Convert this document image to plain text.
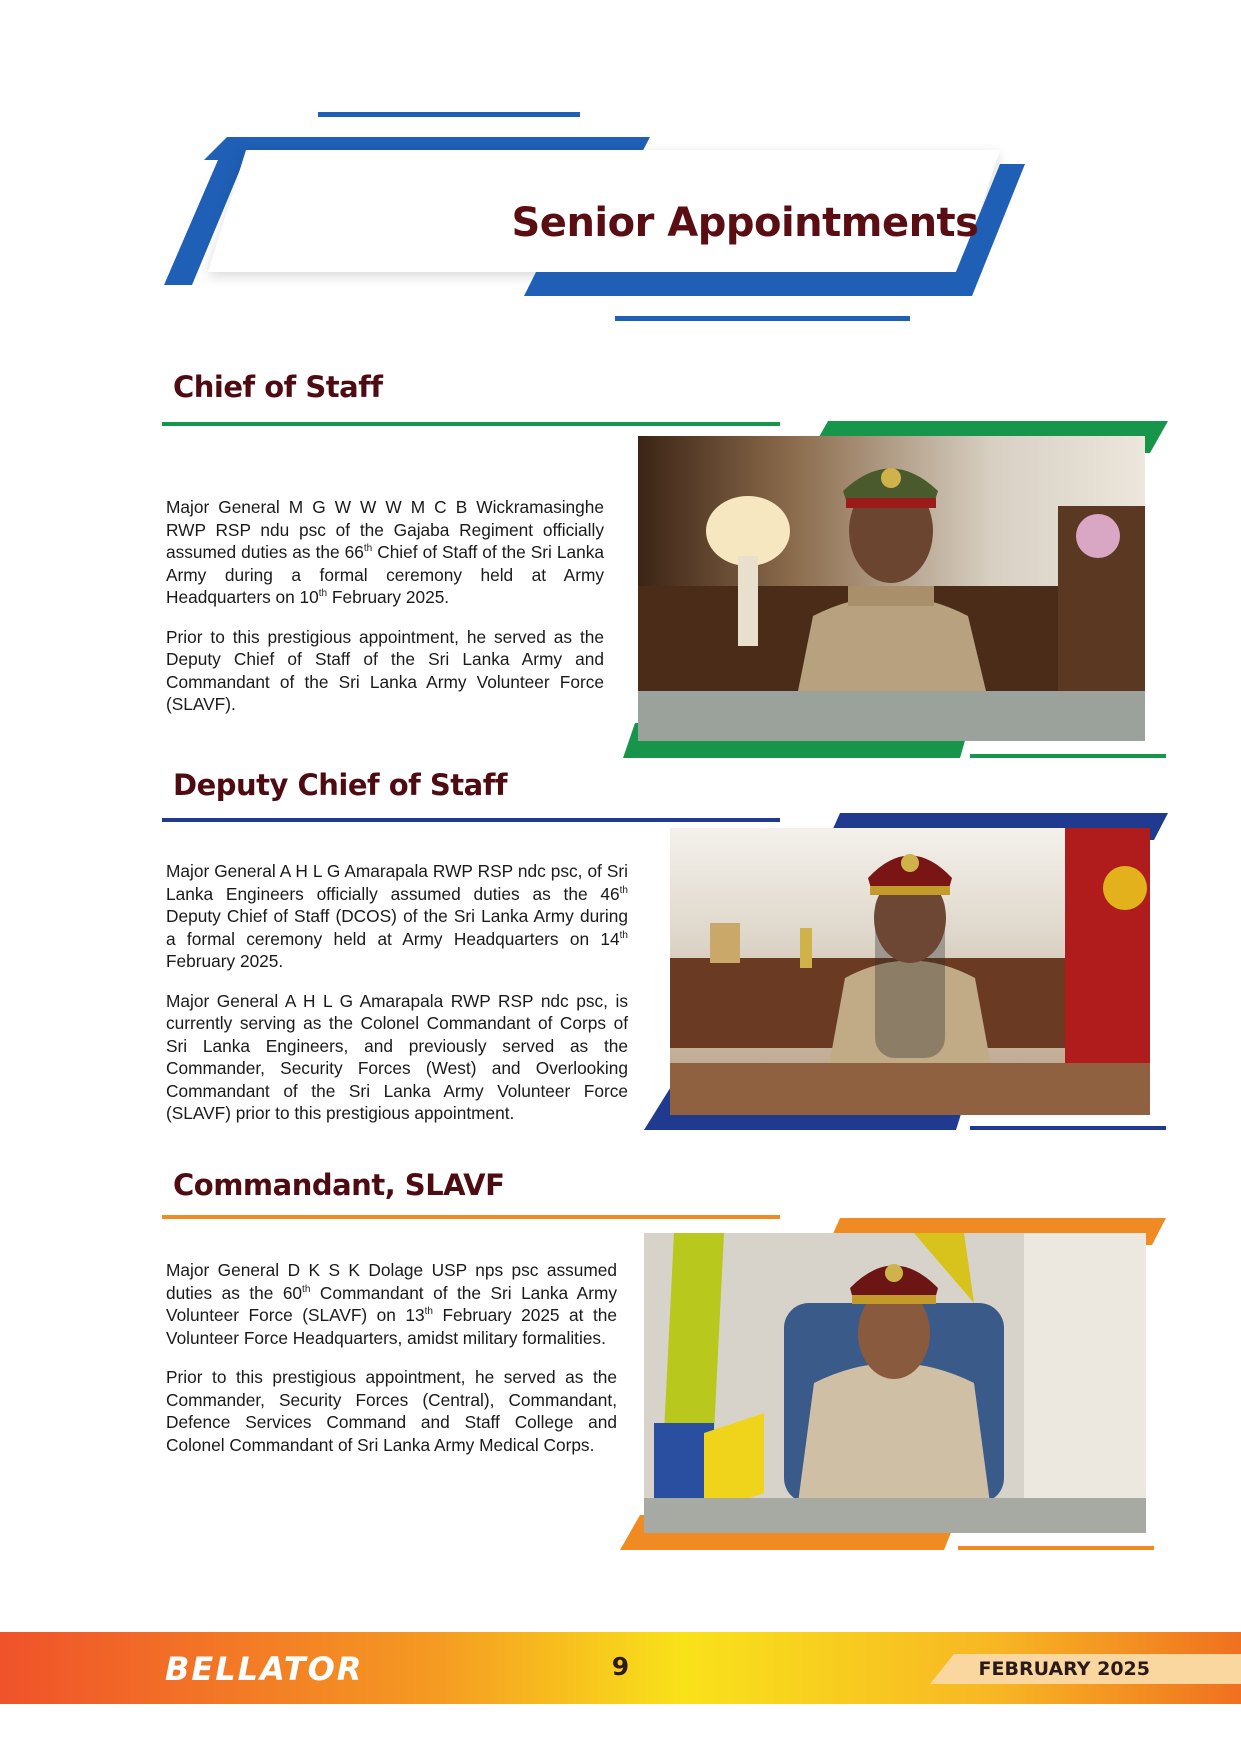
Senior Appointments
Chief of Staff

Major General M G W W W M C B Wickramasinghe RWP RSP ndu psc of the Gajaba Regiment officially assumed duties as the 66th Chief of Staff of the Sri Lanka Army during a formal ceremony held at Army Headquarters on 10th February 2025.

Prior to this prestigious appointment, he served as the Deputy Chief of Staff of the Sri Lanka Army and Commandant of the Sri Lanka Army Volunteer Force (SLAVF).

Deputy Chief of Staff

Major General A H L G Amarapala RWP RSP ndc psc, of Sri Lanka Engineers officially assumed duties as the 46th Deputy Chief of Staff (DCOS) of the Sri Lanka Army during a formal ceremony held at Army Headquarters on 14th February 2025.

Major General A H L G Amarapala RWP RSP ndc psc, is currently serving as the Colonel Commandant of Corps of Sri Lanka Engineers, and previously served as the Commander, Security Forces (West) and Overlooking Commandant of the Sri Lanka Army Volunteer Force (SLAVF) prior to this prestigious appointment.

Commandant, SLAVF

Major General D K S K Dolage USP nps psc assumed duties as the 60th Commandant of the Sri Lanka Army Volunteer Force (SLAVF) on 13th February 2025 at the Volunteer Force Headquarters, amidst military formalities.

Prior to this prestigious appointment, he served as the Commander, Security Forces (Central), Commandant, Defence Services Command and Staff College and Colonel Commandant of Sri Lanka Army Medical Corps.

BELLATOR	9	FEBRUARY 2025
